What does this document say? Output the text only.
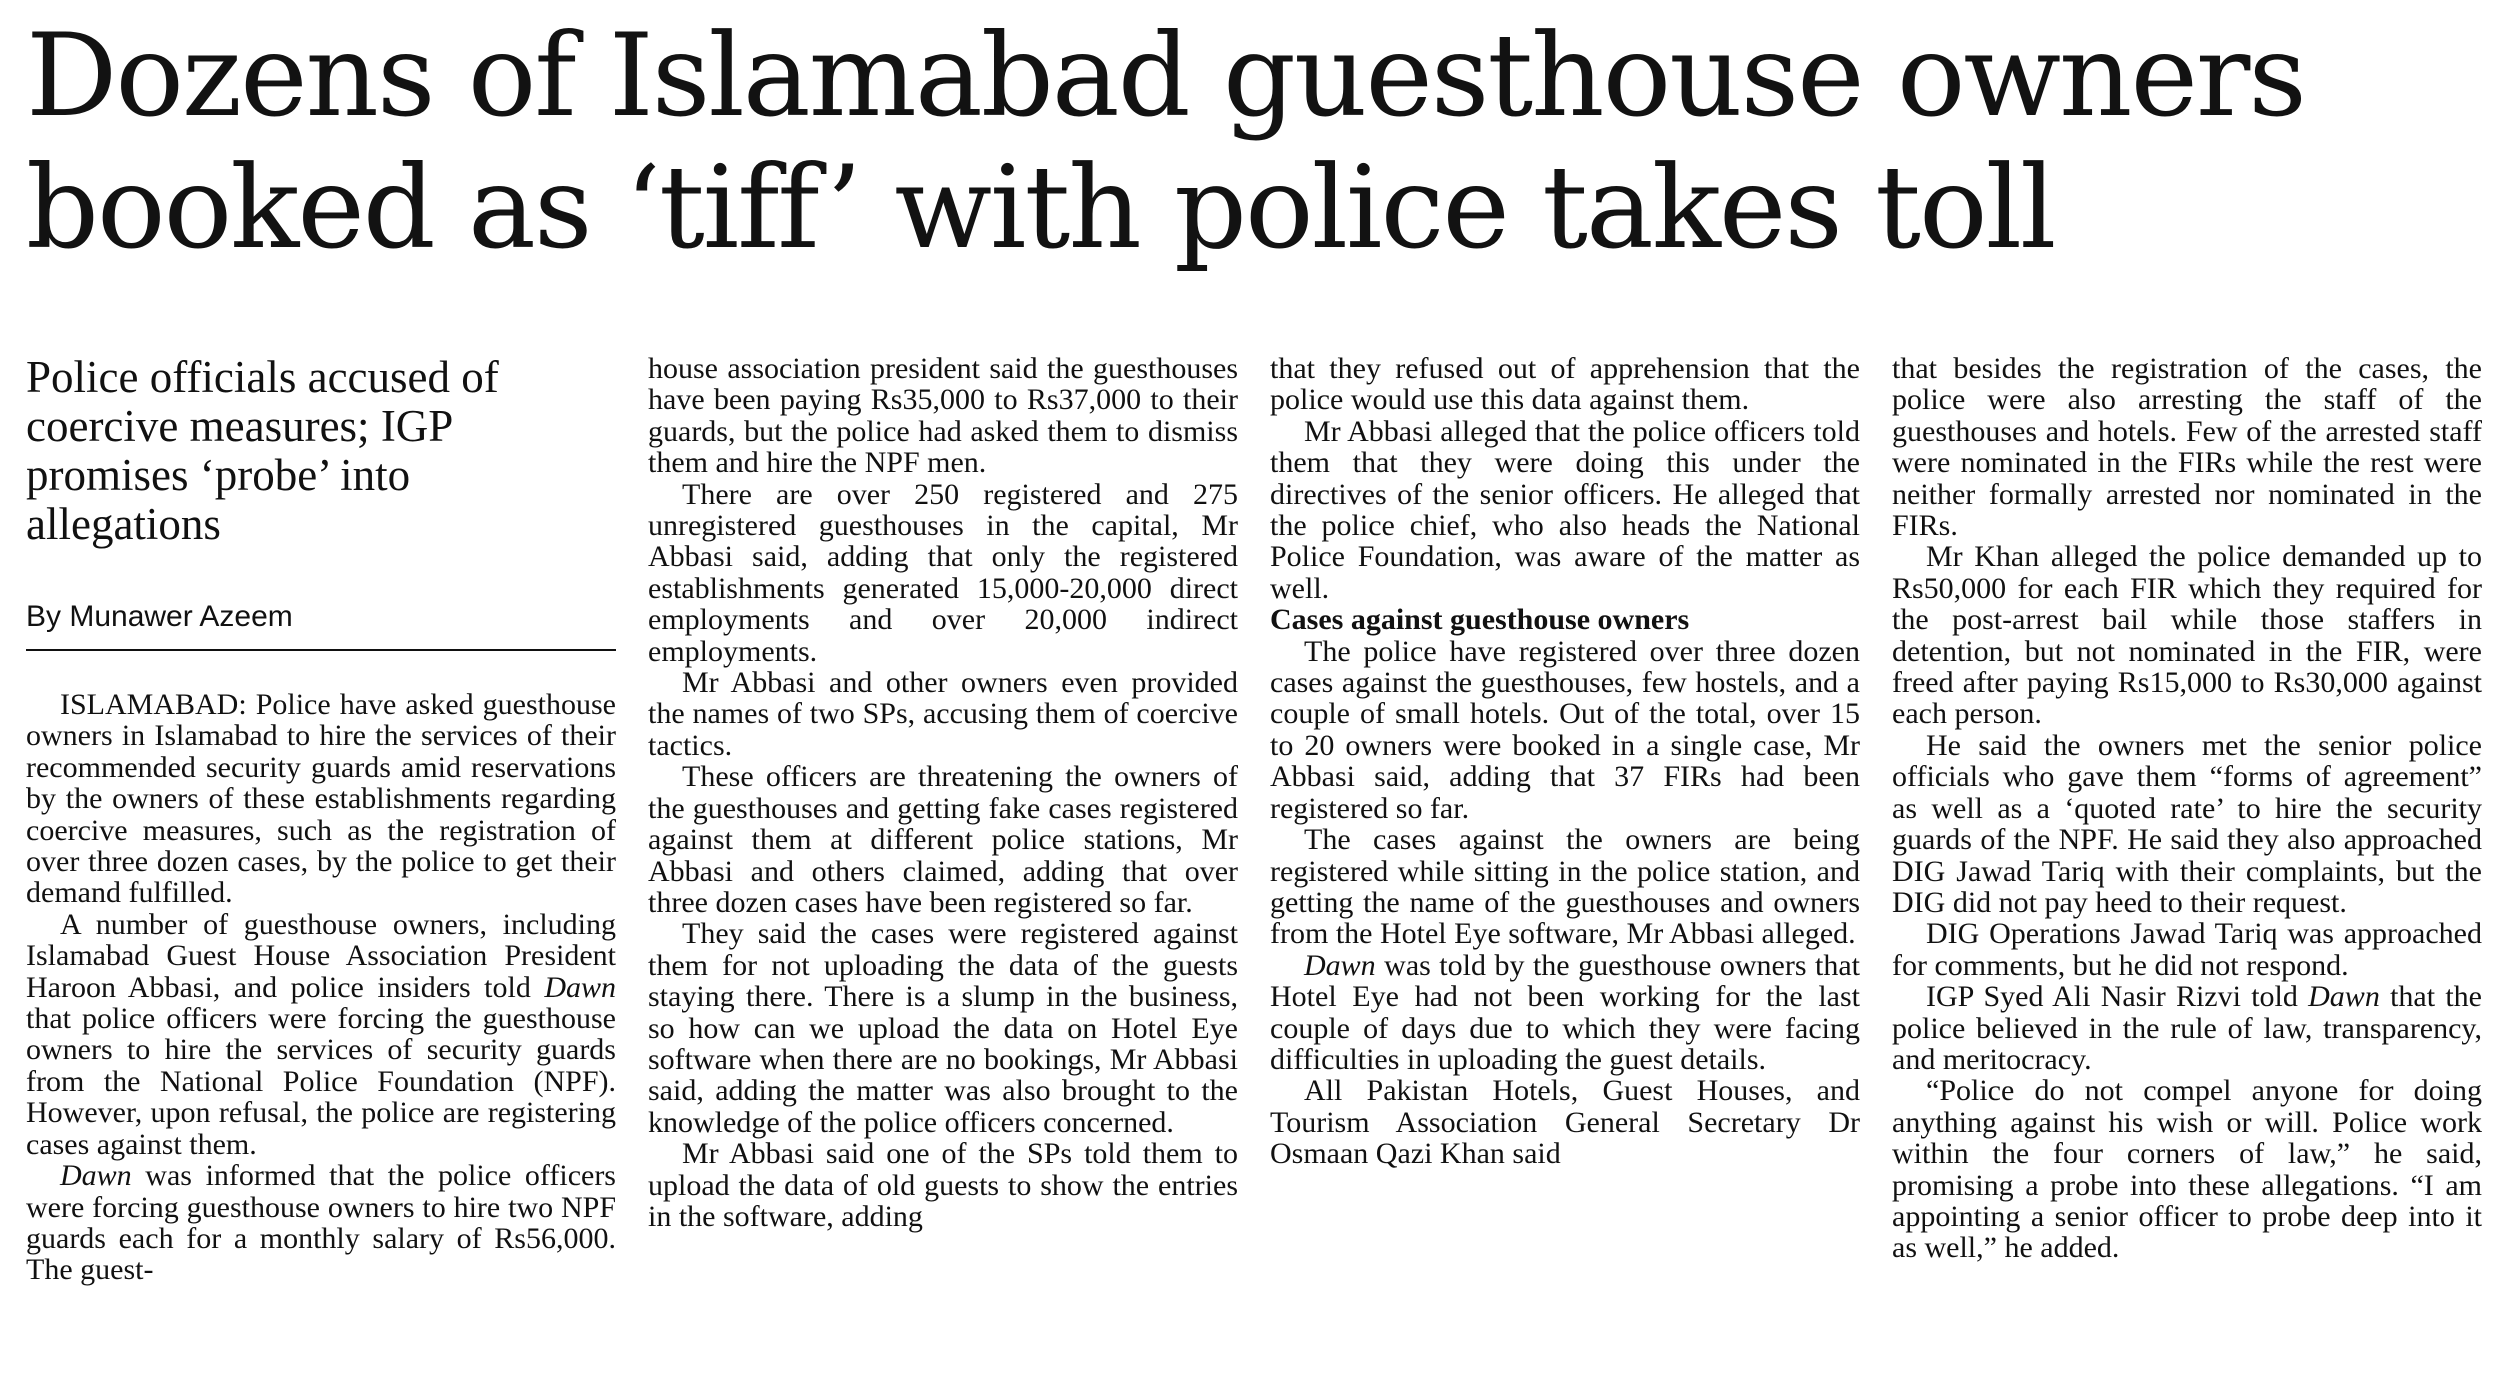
Dozens of Islamabad guesthouse owners booked as ‘tiff’ with police takes toll
Police officials accused of coercive measures; IGP promises ‘probe’ into allegations
By Munawer Azeem

ISLAMABAD: Police have asked guesthouse owners in Islamabad to hire the services of their recommended security guards amid reservations by the owners of these establishments regarding coercive measures, such as the registration of over three dozen cases, by the police to get their demand fulfilled.

A number of guesthouse owners, including Islamabad Guest House Association President Haroon Abbasi, and police insiders told Dawn that police officers were forcing the guesthouse owners to hire the services of security guards from the National Police Foundation (NPF). However, upon refusal, the police are registering cases against them.

Dawn was informed that the police officers were forcing guesthouse owners to hire two NPF guards each for a monthly salary of Rs56,000. The guest-

house association president said the guesthouses have been paying Rs35,000 to Rs37,000 to their guards, but the police had asked them to dismiss them and hire the NPF men.

There are over 250 registered and 275 unregistered guesthouses in the capital, Mr Abbasi said, adding that only the registered establishments generated 15,000-20,000 direct employments and over 20,000 indirect employments.

Mr Abbasi and other owners even provided the names of two SPs, accusing them of coercive tactics.

These officers are threatening the owners of the guesthouses and getting fake cases registered against them at different police stations, Mr Abbasi and others claimed, adding that over three dozen cases have been registered so far.

They said the cases were registered against them for not uploading the data of the guests staying there. There is a slump in the business, so how can we upload the data on Hotel Eye software when there are no bookings, Mr Abbasi said, adding the matter was also brought to the knowledge of the police officers concerned.

Mr Abbasi said one of the SPs told them to upload the data of old guests to show the entries in the software, adding

that they refused out of apprehension that the police would use this data against them.

Mr Abbasi alleged that the police officers told them that they were doing this under the directives of the senior officers. He alleged that the police chief, who also heads the National Police Foundation, was aware of the matter as well.

Cases against guesthouse owners

The police have registered over three dozen cases against the guesthouses, few hostels, and a couple of small hotels. Out of the total, over 15 to 20 owners were booked in a single case, Mr Abbasi said, adding that 37 FIRs had been registered so far.

The cases against the owners are being registered while sitting in the police station, and getting the name of the guesthouses and owners from the Hotel Eye software, Mr Abbasi alleged.

Dawn was told by the guesthouse owners that Hotel Eye had not been working for the last couple of days due to which they were facing difficulties in uploading the guest details.

All Pakistan Hotels, Guest Houses, and Tourism Association General Secretary Dr Osmaan Qazi Khan said

that besides the registration of the cases, the police were also arresting the staff of the guesthouses and hotels. Few of the arrested staff were nominated in the FIRs while the rest were neither formally arrested nor nominated in the FIRs.

Mr Khan alleged the police demanded up to Rs50,000 for each FIR which they required for the post-arrest bail while those staffers in detention, but not nominated in the FIR, were freed after paying Rs15,000 to Rs30,000 against each person.

He said the owners met the senior police officials who gave them “forms of agreement” as well as a ‘quoted rate’ to hire the security guards of the NPF. He said they also approached DIG Jawad Tariq with their complaints, but the DIG did not pay heed to their request.

DIG Operations Jawad Tariq was approached for comments, but he did not respond.

IGP Syed Ali Nasir Rizvi told Dawn that the police believed in the rule of law, transparency, and meritocracy.

“Police do not compel anyone for doing anything against his wish or will. Police work within the four corners of law,” he said, promising a probe into these allegations. “I am appointing a senior officer to probe deep into it as well,” he added.
